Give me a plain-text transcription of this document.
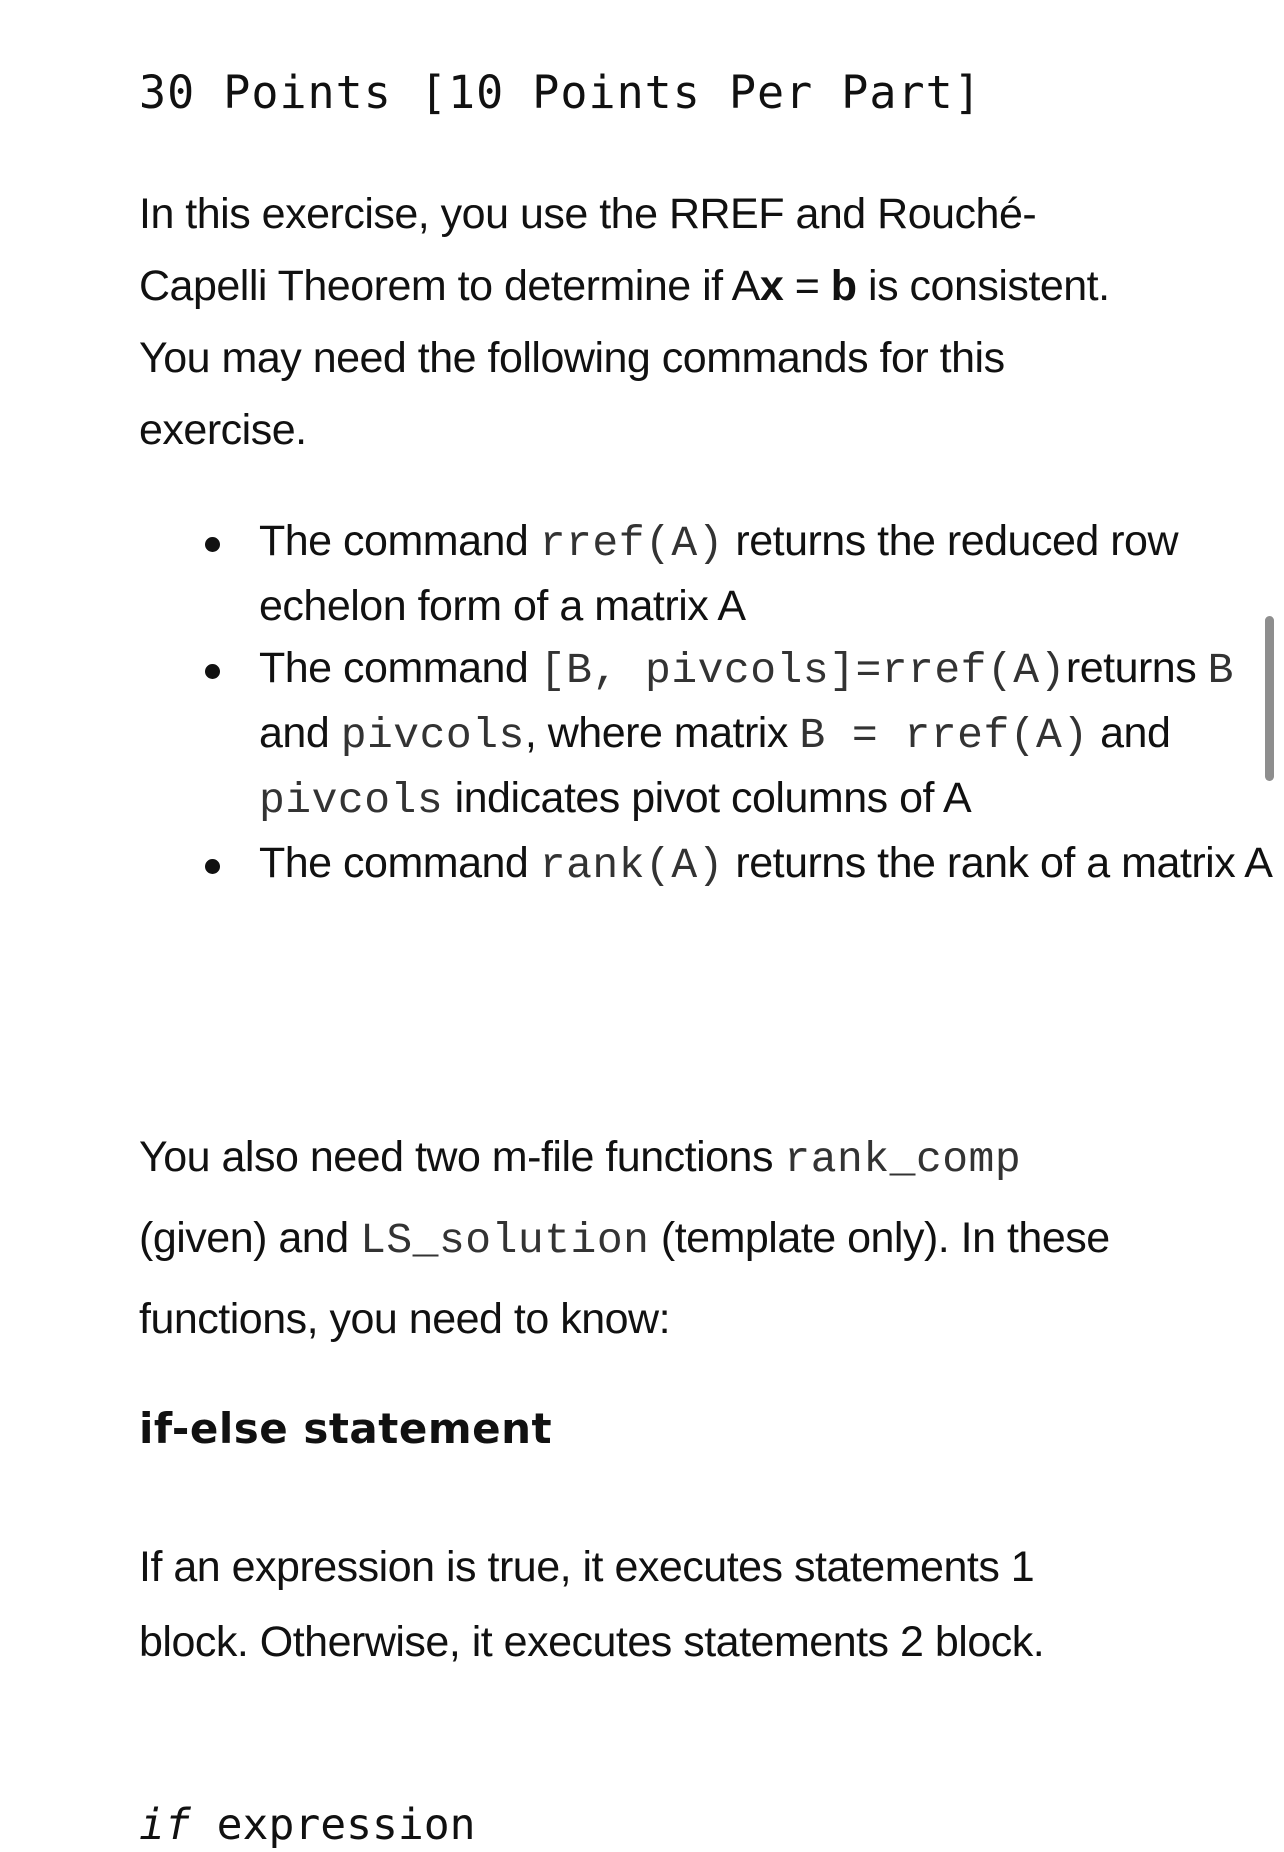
30 Points [10 Points Per Part]

In this exercise, you use the RREF and Rouché-Capelli Theorem to determine if Ax = b is consistent. You may need the following commands for this exercise.

The command rref(A) returns the reduced row echelon form of a matrix A
The command [B, pivcols]=rref(A)returns B and pivcols, where matrix B = rref(A) and pivcols indicates pivot columns of A
The command rank(A) returns the rank of a matrix A

You also need two m-file functions rank_comp (given) and LS_solution (template only). In these functions, you need to know:

if-else statement

If an expression is true, it executes statements 1 block. Otherwise, it executes statements 2 block.

if expression
